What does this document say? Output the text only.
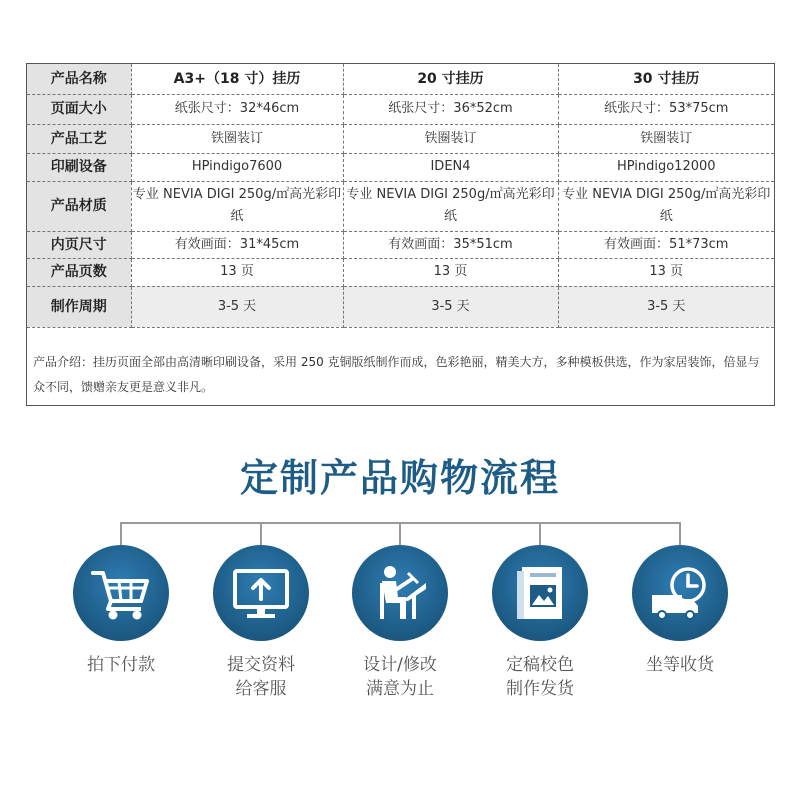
产品名称	A3+（18 寸）挂历	20 寸挂历	30 寸挂历
页面大小	纸张尺寸：32*46cm	纸张尺寸：36*52cm	纸张尺寸：53*75cm
产品工艺	铁圈装订	铁圈装订	铁圈装订
印刷设备	HPindigo7600	IDEN4	HPindigo12000
产品材质	专业 NEVIA DIGI 250g/㎡高光彩印纸	专业 NEVIA DIGI 250g/㎡高光彩印纸	专业 NEVIA DIGI 250g/㎡高光彩印纸
内页尺寸	有效画面：31*45cm	有效画面：35*51cm	有效画面：51*73cm
产品页数	13 页	13 页	13 页
制作周期	3-5 天	3-5 天	3-5 天
产品介绍：挂历页面全部由高清晰印刷设备，采用 250 克铜版纸制作而成，色彩艳丽，精美大方，多种模板供选，作为家居装饰，倍显与众不同，馈赠亲友更是意义非凡。
定制产品购物流程
拍下付款	提交资料
给客服
设计/修改
满意为止
定稿校色
制作发货
坐等收货
